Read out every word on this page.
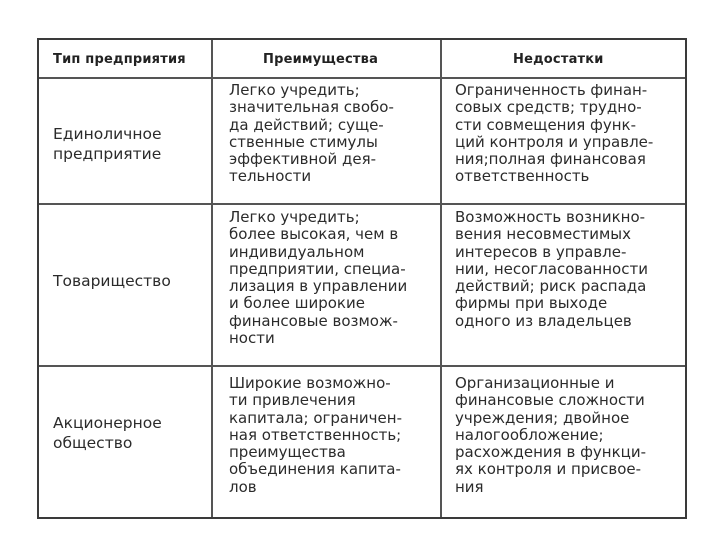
Тип предприятия	Преимущества	Недостатки
Единоличное
предприятие
Легко учредить;
значительная свобо-
да действий; суще-
ственные стимулы
эффективной дея-
тельности
Ограниченность финан-
совых средств; трудно-
сти совмещения функ-
ций контроля и управле-
ния;полная финансовая
ответственность
Товарищество
Легко учредить;
более высокая, чем в
индивидуальном
предприятии, специа-
лизация в управлении
и более широкие
финансовые возмож-
ности
Возможность возникно-
вения несовместимых
интересов в управле-
нии, несогласованности
действий; риск распада
фирмы при выходе
одного из владельцев
Акционерное
общество
Широкие возможно-
ти привлечения
капитала; ограничен-
ная ответственность;
преимущества
объединения капита-
лов
Организационные и
финансовые сложности
учреждения; двойное
налогообложение;
расхождения в функци-
ях контроля и присвое-
ния
